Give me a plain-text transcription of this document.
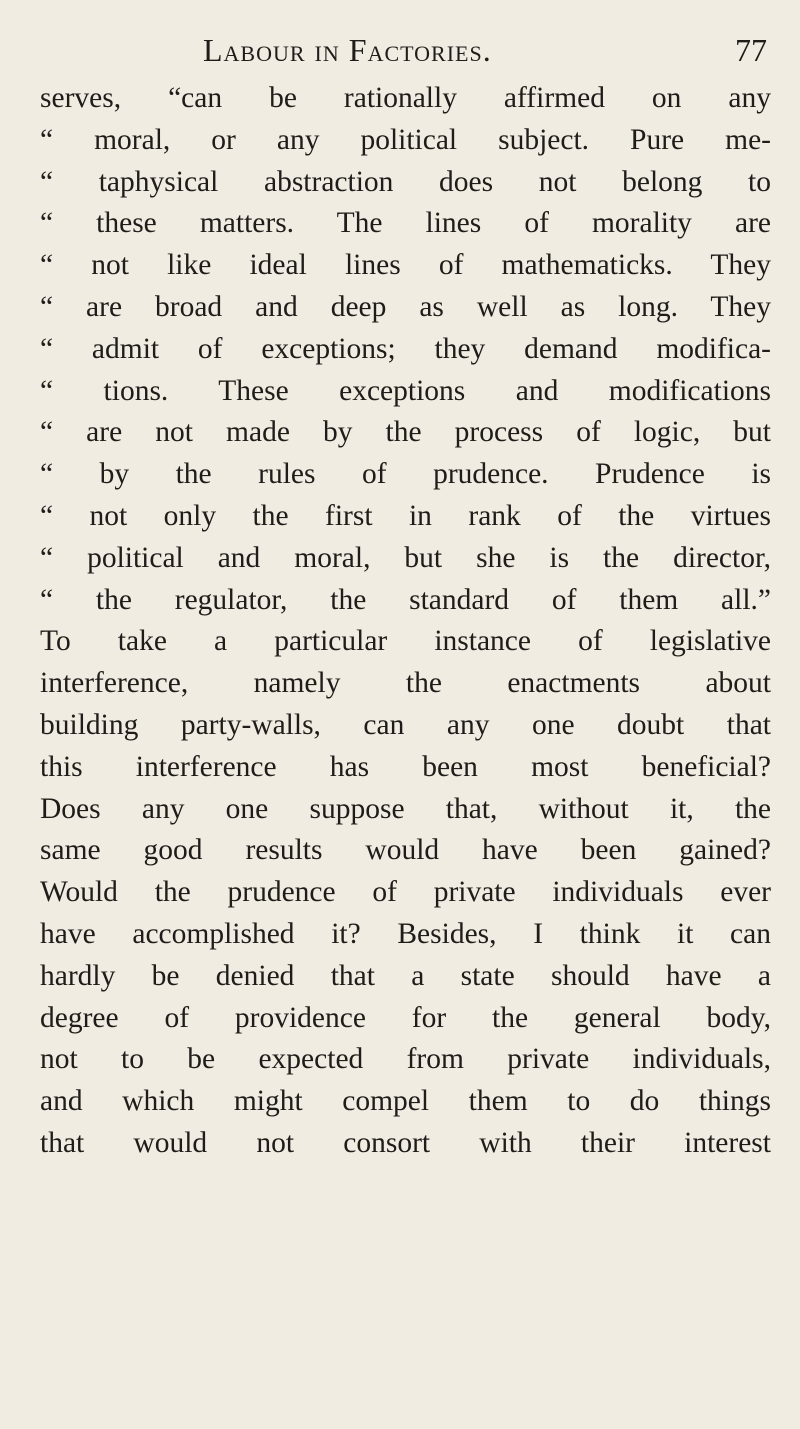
Labour in Factories.	77
serves, “can be rationally affirmed on any
“ moral, or any political subject. Pure me-
“ taphysical abstraction does not belong to
“ these matters. The lines of morality are
“ not like ideal lines of mathematicks. They
“ are broad and deep as well as long. They
“ admit of exceptions; they demand modifica-
“ tions. These exceptions and modifications
“ are not made by the process of logic, but
“ by the rules of prudence. Prudence is
“ not only the first in rank of the virtues
“ political and moral, but she is the director,
“ the regulator, the standard of them all.”
To take a particular instance of legislative
interference, namely the enactments about
building party-walls, can any one doubt that
this interference has been most beneficial?
Does any one suppose that, without it, the
same good results would have been gained?
Would the prudence of private individuals ever
have accomplished it? Besides, I think it can
hardly be denied that a state should have a
degree of providence for the general body,
not to be expected from private individuals,
and which might compel them to do things
that would not consort with their interest
